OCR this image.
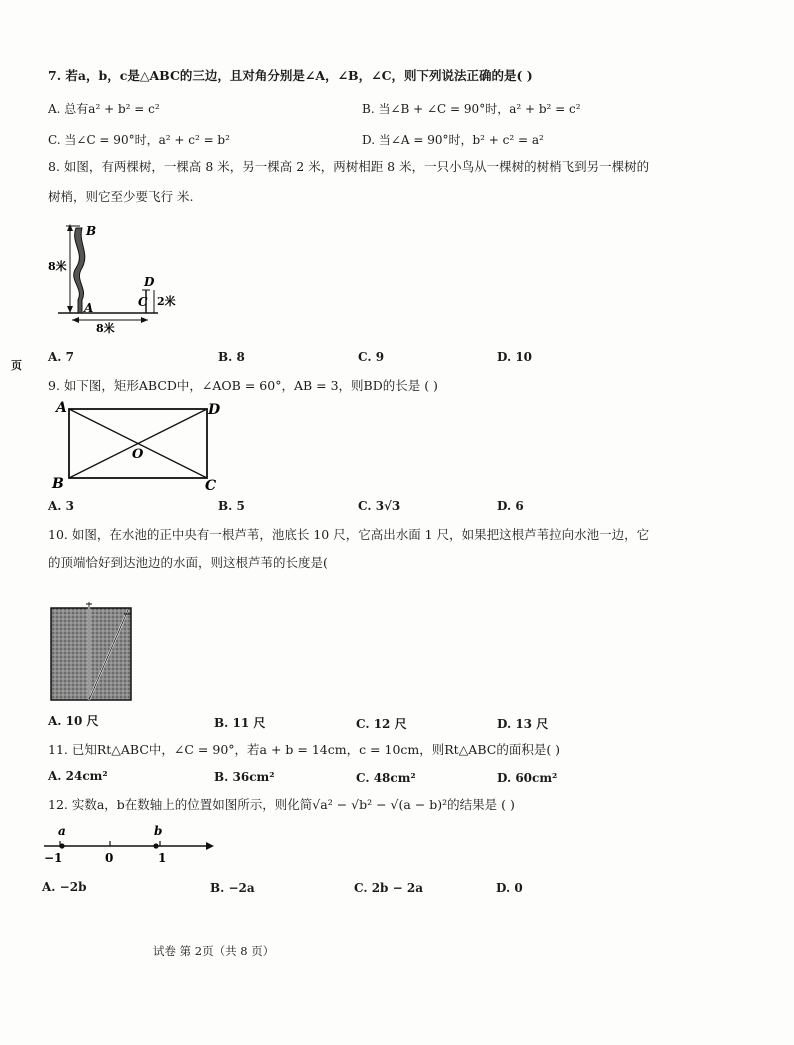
页
7. 若a，b，c是△ABC的三边，且对角分别是∠A，∠B，∠C，则下列说法正确的是( )
A. 总有a² + b² = c²	B. 当∠B + ∠C = 90°时，a² + b² = c²
C. 当∠C = 90°时，a² + c² = b²	D. 当∠A = 90°时，b² + c² = a²
8. 如图，有两棵树，一棵高 8 米，另一棵高 2 米，两树相距 8 米，一只小鸟从一棵树的树梢飞到另一棵树的
树梢，则它至少要飞行 米.
B
A
D
C
8米
2米
8米
A. 7	B. 8	C. 9	D. 10
9. 如下图，矩形ABCD中，∠AOB = 60°，AB = 3，则BD的长是 ( )
A	D
B	C
O
A. 3	B. 5	C. 3√3	D. 6
10. 如图，在水池的正中央有一根芦苇，池底长 10 尺，它高出水面 1 尺，如果把这根芦苇拉向水池一边，它
的顶端恰好到达池边的水面，则这根芦苇的长度是(
A. 10 尺	B. 11 尺	C. 12 尺	D. 13 尺
11. 已知Rt△ABC中，∠C = 90°，若a + b = 14cm，c = 10cm，则Rt△ABC的面积是( )
A. 24cm²	B. 36cm²	C. 48cm²	D. 60cm²
12. 实数a，b在数轴上的位置如图所示，则化简√a² − √b² − √(a − b)²的结果是 ( )
a	b
−1	0	1
A. −2b	B. −2a	C. 2b − 2a	D. 0
试卷 第 2页（共 8 页）
